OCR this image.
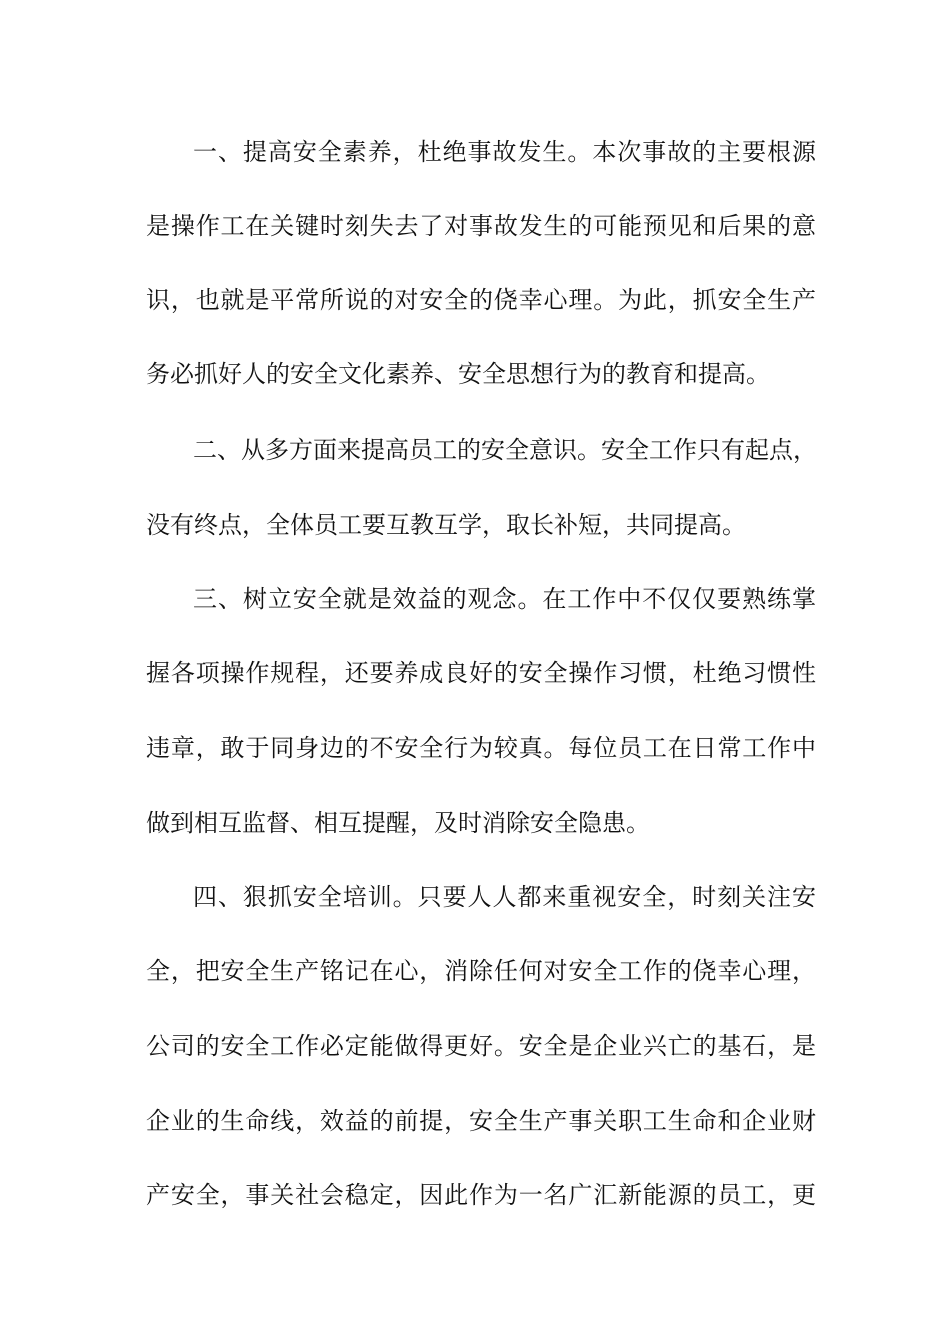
一、提高安全素养，杜绝事故发生。本次事故的主要根源
是操作工在关键时刻失去了对事故发生的可能预见和后果的意
识，也就是平常所说的对安全的侥幸心理。为此，抓安全生产
务必抓好人的安全文化素养、安全思想行为的教育和提高。
二、从多方面来提高员工的安全意识。安全工作只有起点，
没有终点，全体员工要互教互学，取长补短，共同提高。
三、树立安全就是效益的观念。在工作中不仅仅要熟练掌
握各项操作规程，还要养成良好的安全操作习惯，杜绝习惯性
违章，敢于同身边的不安全行为较真。每位员工在日常工作中
做到相互监督、相互提醒，及时消除安全隐患。
四、狠抓安全培训。只要人人都来重视安全，时刻关注安
全，把安全生产铭记在心，消除任何对安全工作的侥幸心理，
公司的安全工作必定能做得更好。安全是企业兴亡的基石，是
企业的生命线，效益的前提，安全生产事关职工生命和企业财
产安全，事关社会稳定，因此作为一名广汇新能源的员工，更
